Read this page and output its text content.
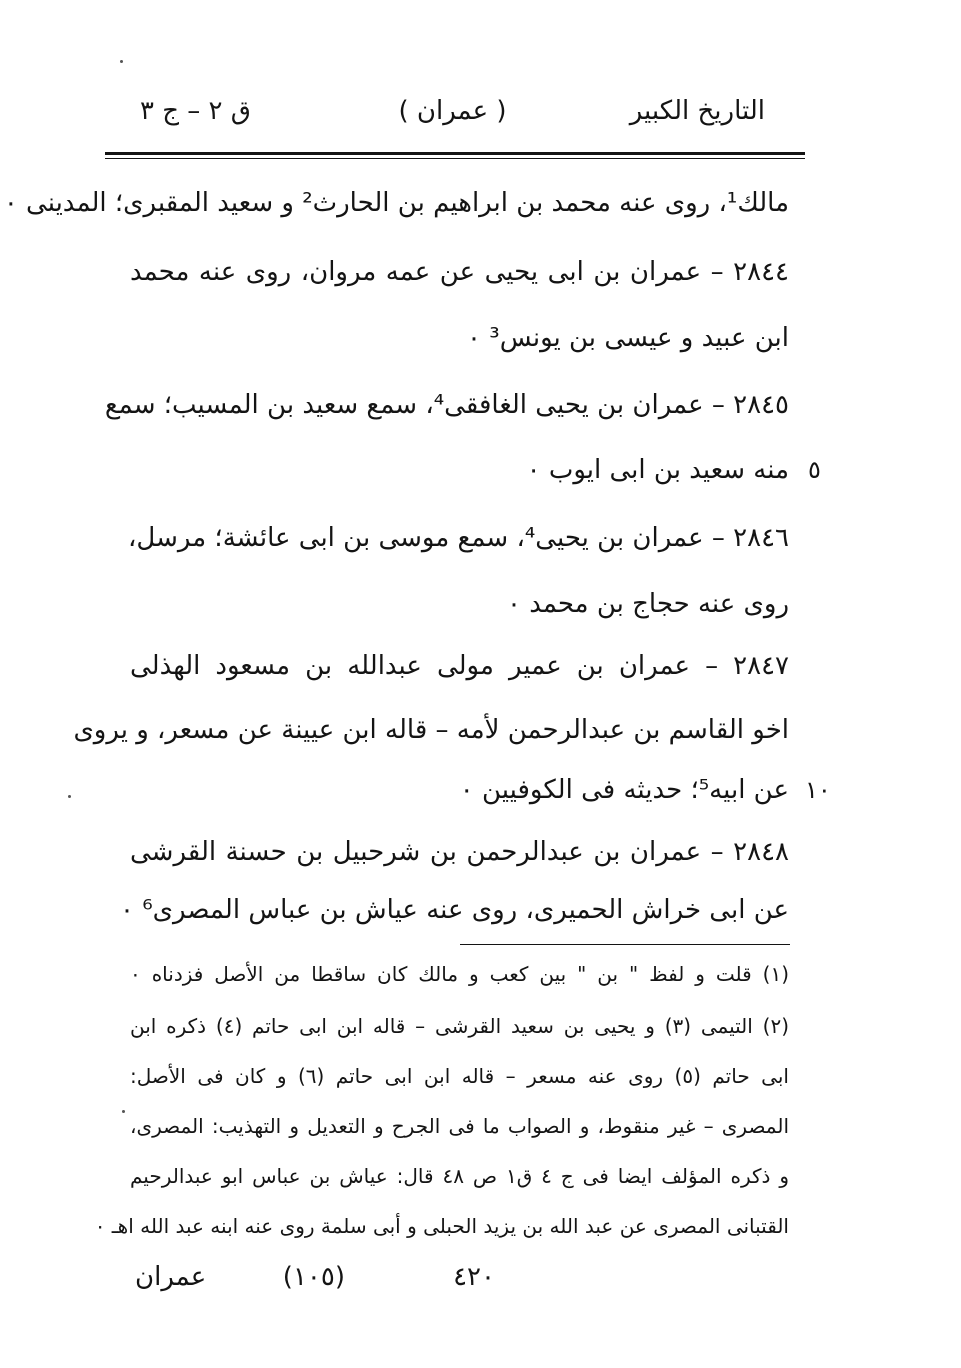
التاريخ الكبير
( عمران )
ق ٢ – ج ٣
مالك¹، روى عنه محمد بن ابراهيم بن الحارث² و سعيد المقبرى؛ المدينى ٠
٢٨٤٤ – عمران بن ابى يحيى عن عمه مروان، روى عنه محمد
ابن عبيد و عيسى بن يونس³ ٠
٢٨٤٥ – عمران بن يحيى الغافقى⁴، سمع سعيد بن المسيب؛ سمع
منه سعيد بن ابى ايوب ٠ ٥
٢٨٤٦ – عمران بن يحيى⁴، سمع موسى بن ابى عائشة؛ مرسل،
روى عنه حجاج بن محمد ٠
٢٨٤٧ – عمران بن عمير مولى عبدالله بن مسعود الهذلى
اخو القاسم بن عبدالرحمن لأمه – قاله ابن عيينة عن مسعر، و يروى
عن ابيه⁵؛ حديثه فى الكوفيين ٠ ١٠
٢٨٤٨ – عمران بن عبدالرحمن بن شرحبيل بن حسنة القرشى
عن ابى خراش الحميرى، روى عنه عياش بن عباس المصرى⁶ ٠
(١) قلت و لفظ " بن " بين كعب و مالك كان ساقطا من الأصل فزدناه ٠
(٢) التيمى (٣) و يحيى بن سعيد القرشى – قاله ابن ابى حاتم (٤) ذكره ابن
ابى حاتم (٥) روى عنه مسعر – قاله ابن ابى حاتم (٦) و كان فى الأصل:
المصرى – غير منقوط، و الصواب ما فى الجرح و التعديل و التهذيب: المصرى،
و ذكره المؤلف ايضا فى ج ٤ ق١ ص ٤٨ قال: عياش بن عباس ابو عبدالرحيم
القتبانى المصرى عن عبد الله بن يزيد الحبلى و أبى سلمة روى عنه ابنه عبد الله اهـ ٠
٤٢٠
(١٠٥)
عمران
